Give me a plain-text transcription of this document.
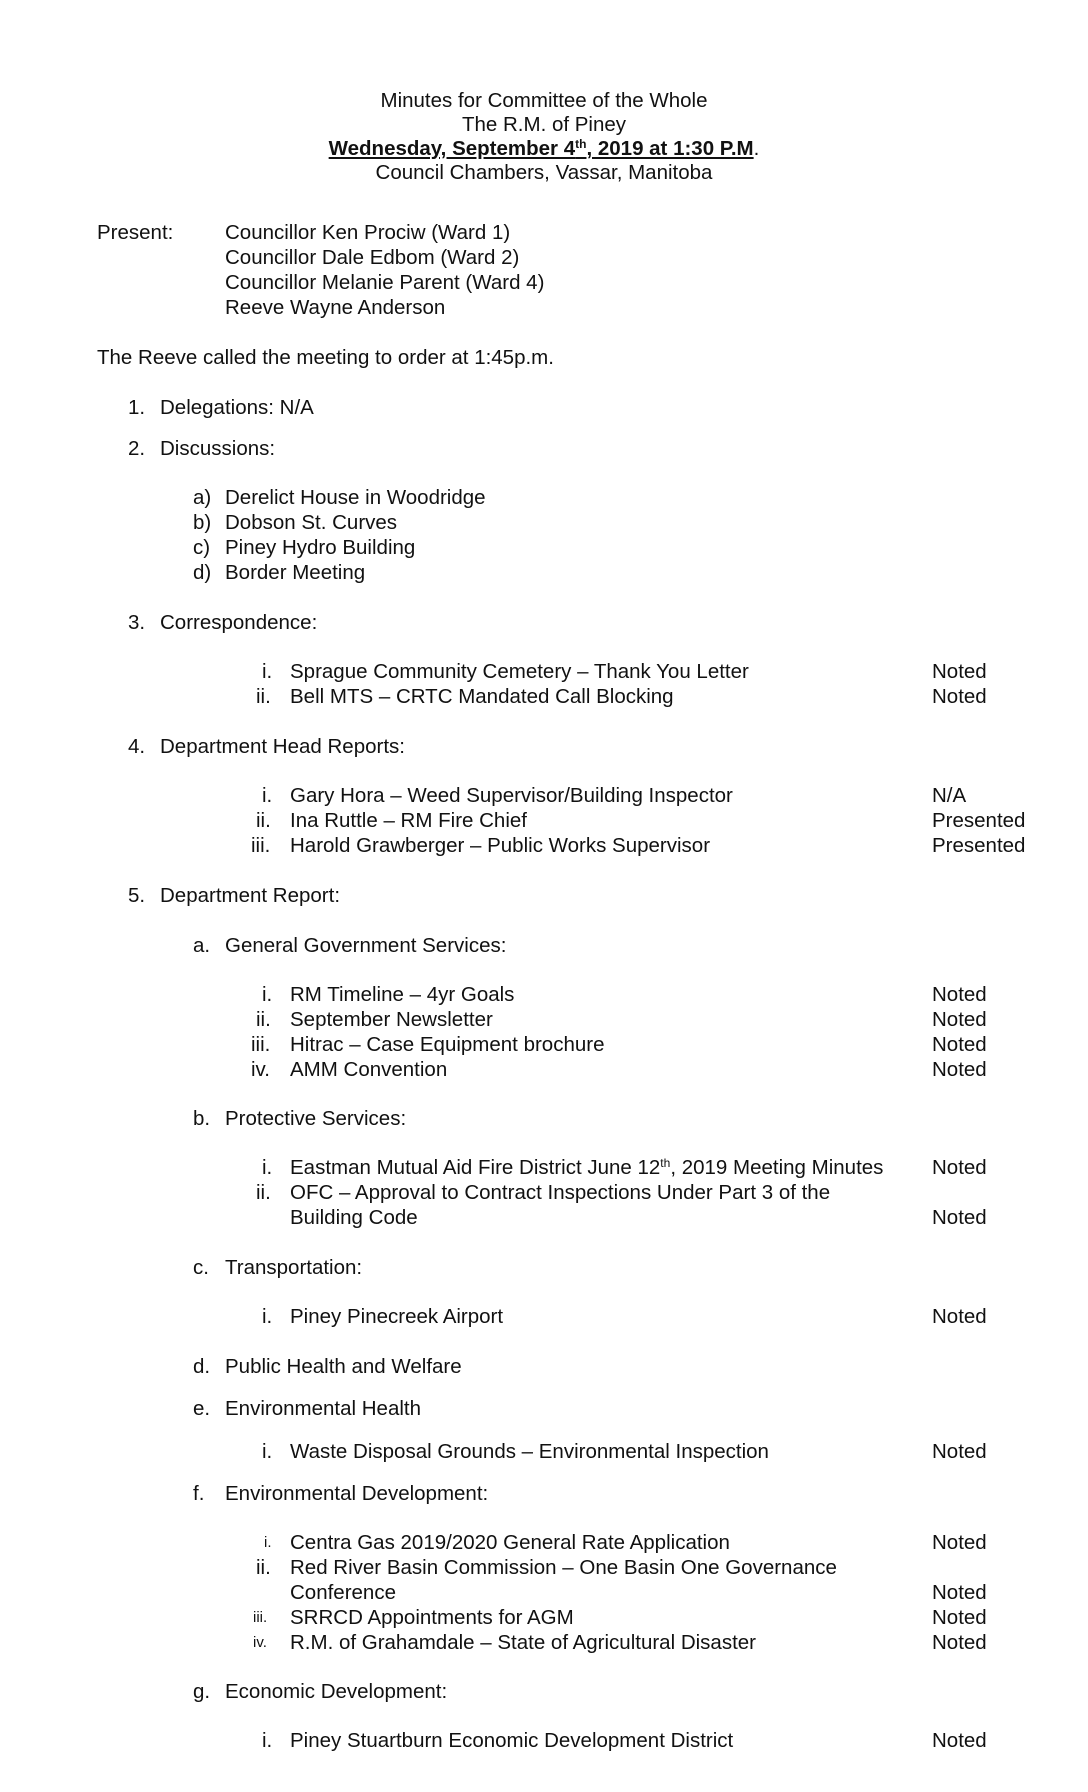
Minutes for Committee of the Whole
The R.M. of Piney
Wednesday, September 4th, 2019 at 1:30 P.M.
Council Chambers, Vassar, Manitoba
Present:	Councillor Ken Prociw (Ward 1)
Councillor Dale Edbom (Ward 2)
Councillor Melanie Parent (Ward 4)
Reeve Wayne Anderson
The Reeve called the meeting to order at 1:45p.m.
1. Delegations: N/A
2. Discussions:
a) Derelict House in Woodridge
b) Dobson St. Curves
c) Piney Hydro Building
d) Border Meeting
3. Correspondence:
i. Sprague Community Cemetery – Thank You Letter	Noted
ii. Bell MTS – CRTC Mandated Call Blocking	Noted
4. Department Head Reports:
i. Gary Hora – Weed Supervisor/Building Inspector	N/A
ii. Ina Ruttle – RM Fire Chief	Presented
iii. Harold Grawberger – Public Works Supervisor	Presented
5. Department Report:
a. General Government Services:
i. RM Timeline – 4yr Goals	Noted
ii. September Newsletter	Noted
iii. Hitrac – Case Equipment brochure	Noted
iv. AMM Convention	Noted
b. Protective Services:
i. Eastman Mutual Aid Fire District June 12th, 2019 Meeting Minutes Noted
ii. OFC – Approval to Contract Inspections Under Part 3 of the
Building Code	Noted
c. Transportation:
i. Piney Pinecreek Airport	Noted
d. Public Health and Welfare
e. Environmental Health
i. Waste Disposal Grounds – Environmental Inspection	Noted
f. Environmental Development:
i. Centra Gas 2019/2020 General Rate Application	Noted
ii. Red River Basin Commission – One Basin One Governance
Conference	Noted
iii. SRRCD Appointments for AGM	Noted
iv. R.M. of Grahamdale – State of Agricultural Disaster	Noted
g. Economic Development:
i. Piney Stuartburn Economic Development District	Noted
